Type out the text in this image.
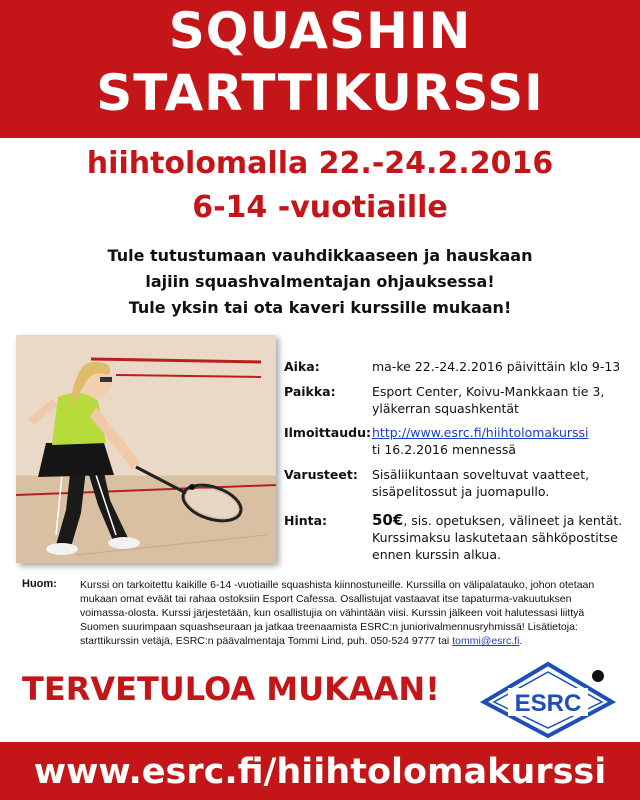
SQUASHIN
STARTTIKURSSI
hiihtolomalla 22.-24.2.2016
6-14 -vuotiaille
Tule tutustumaan vauhdikkaaseen ja hauskaan
lajiin squashvalmentajan ohjauksessa!
Tule yksin tai ota kaveri kurssille mukaan!
Aika:	ma-ke 22.-24.2.2016 päivittäin klo 9-13
Paikka:	Esport Center, Koivu-Mankkaan tie 3,
yläkerran squashkentät
Ilmoittaudu: http://www.esrc.fi/hiihtolomakurssi
ti 16.2.2016 mennessä
Varusteet: Sisäliikuntaan soveltuvat vaatteet,
sisäpelitossut ja juomapullo.
Hinta:	50€, sis. opetuksen, välineet ja kentät.
Kurssimaksu laskutetaan sähköpostitse
ennen kurssin alkua.
Huom: Kurssi on tarkoitettu kaikille 6-14 -vuotiaille squashista kiinnostuneille. Kurssilla on välipalatauko, johon otetaan mukaan omat eväät tai rahaa ostoksiin Esport Cafessa. Osallistujat vastaavat itse tapaturma-vakuutuksen voimassa-olosta. Kurssi järjestetään, kun osallistujia on vähintään viisi. Kurssin jälkeen voit halutessasi liittyä Suomen suurimpaan squashseuraan ja jatkaa treenaamista ESRC:n juniorivalmennusryhmissä! Lisätietoja: starttikurssin vetäjä, ESRC:n päävalmentaja Tommi Lind, puh. 050-524 9777 tai tommi@esrc.fi.
TERVETULOA MUKAAN!	ESRC
www.esrc.fi/hiihtolomakurssi
